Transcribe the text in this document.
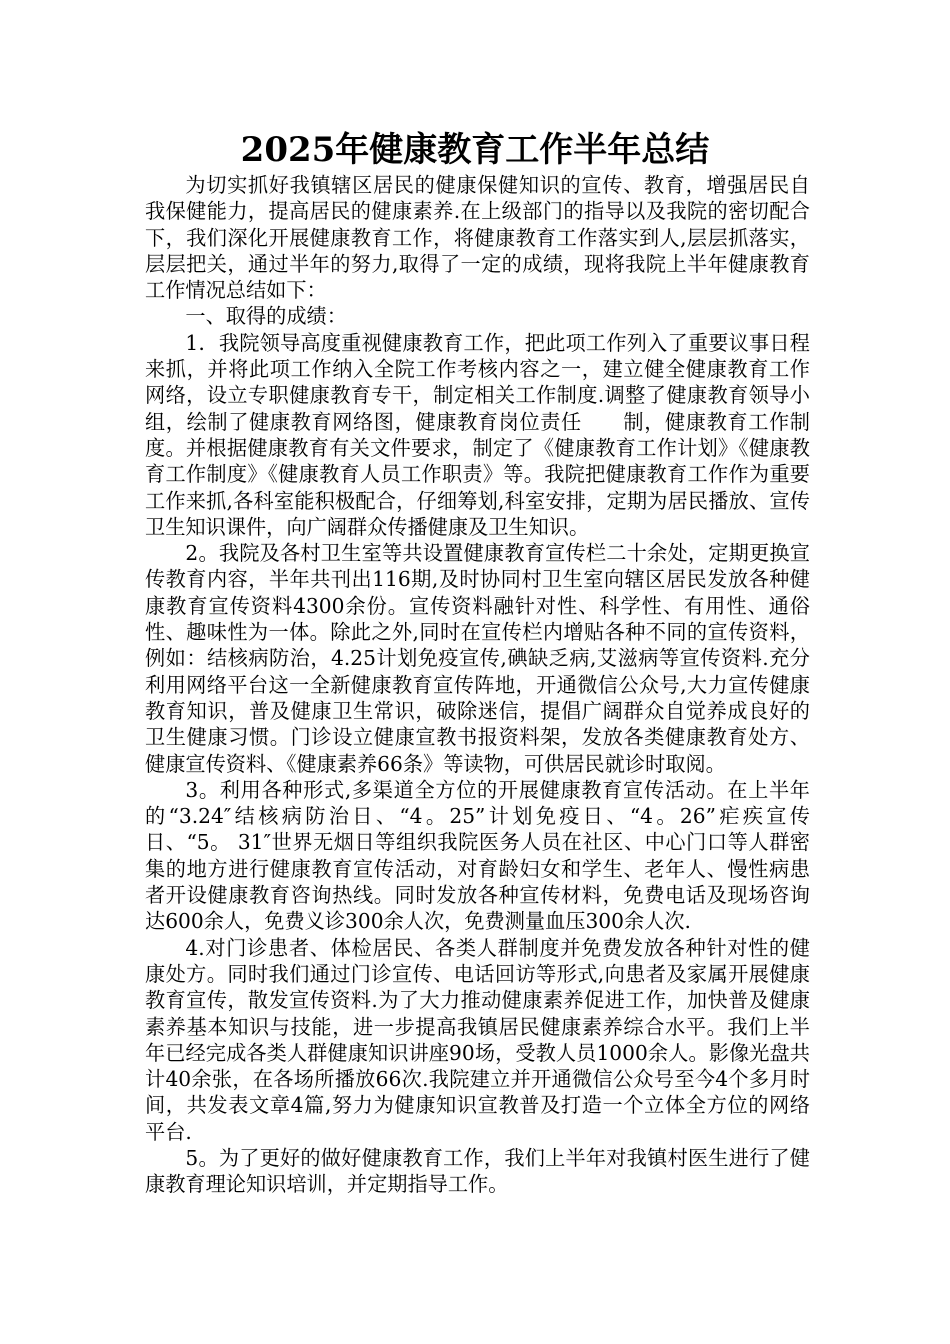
2025年健康教育工作半年总结

为切实抓好我镇辖区居民的健康保健知识的宣传、教育，增强居民自我保健能力，提高居民的健康素养.在上级部门的指导以及我院的密切配合下，我们深化开展健康教育工作，将健康教育工作落实到人,层层抓落实，层层把关，通过半年的努力,取得了一定的成绩，现将我院上半年健康教育工作情况总结如下：

一、取得的成绩：

1．我院领导高度重视健康教育工作，把此项工作列入了重要议事日程来抓，并将此项工作纳入全院工作考核内容之一，建立健全健康教育工作网络，设立专职健康教育专干，制定相关工作制度.调整了健康教育领导小组，绘制了健康教育网络图，健康教育岗位责任　　制，健康教育工作制度。并根据健康教育有关文件要求，制定了《健康教育工作计划》《健康教育工作制度》《健康教育人员工作职责》等。我院把健康教育工作作为重要工作来抓,各科室能积极配合，仔细筹划,科室安排，定期为居民播放、宣传卫生知识课件，向广阔群众传播健康及卫生知识。

2。我院及各村卫生室等共设置健康教育宣传栏二十余处，定期更换宣传教育内容，半年共刊出116期,及时协同村卫生室向辖区居民发放各种健康教育宣传资料4300余份。宣传资料融针对性、科学性、有用性、通俗性、趣味性为一体。除此之外,同时在宣传栏内增贴各种不同的宣传资料，例如：结核病防治，4.25计划免疫宣传,碘缺乏病,艾滋病等宣传资料.充分利用网络平台这一全新健康教育宣传阵地，开通微信公众号,大力宣传健康教育知识，普及健康卫生常识，破除迷信，提倡广阔群众自觉养成良好的卫生健康习惯。门诊设立健康宣教书报资料架，发放各类健康教育处方、健康宣传资料、《健康素养66条》等读物，可供居民就诊时取阅。

3。利用各种形式,多渠道全方位的开展健康教育宣传活动。在上半年的“3.24″结核病防治日、“4。25”计划免疫日、“4。26”疟疾宣传日、“5。 31″世界无烟日等组织我院医务人员在社区、中心门口等人群密集的地方进行健康教育宣传活动，对育龄妇女和学生、老年人、慢性病患者开设健康教育咨询热线。同时发放各种宣传材料，免费电话及现场咨询达600余人，免费义诊300余人次，免费测量血压300余人次.

4.对门诊患者、体检居民、各类人群制度并免费发放各种针对性的健康处方。同时我们通过门诊宣传、电话回访等形式,向患者及家属开展健康教育宣传，散发宣传资料.为了大力推动健康素养促进工作，加快普及健康素养基本知识与技能，进一步提高我镇居民健康素养综合水平。我们上半年已经完成各类人群健康知识讲座90场，受教人员1000余人。影像光盘共计40余张，在各场所播放66次.我院建立并开通微信公众号至今4个多月时间，共发表文章4篇,努力为健康知识宣教普及打造一个立体全方位的网络平台.

5。为了更好的做好健康教育工作，我们上半年对我镇村医生进行了健康教育理论知识培训，并定期指导工作。
